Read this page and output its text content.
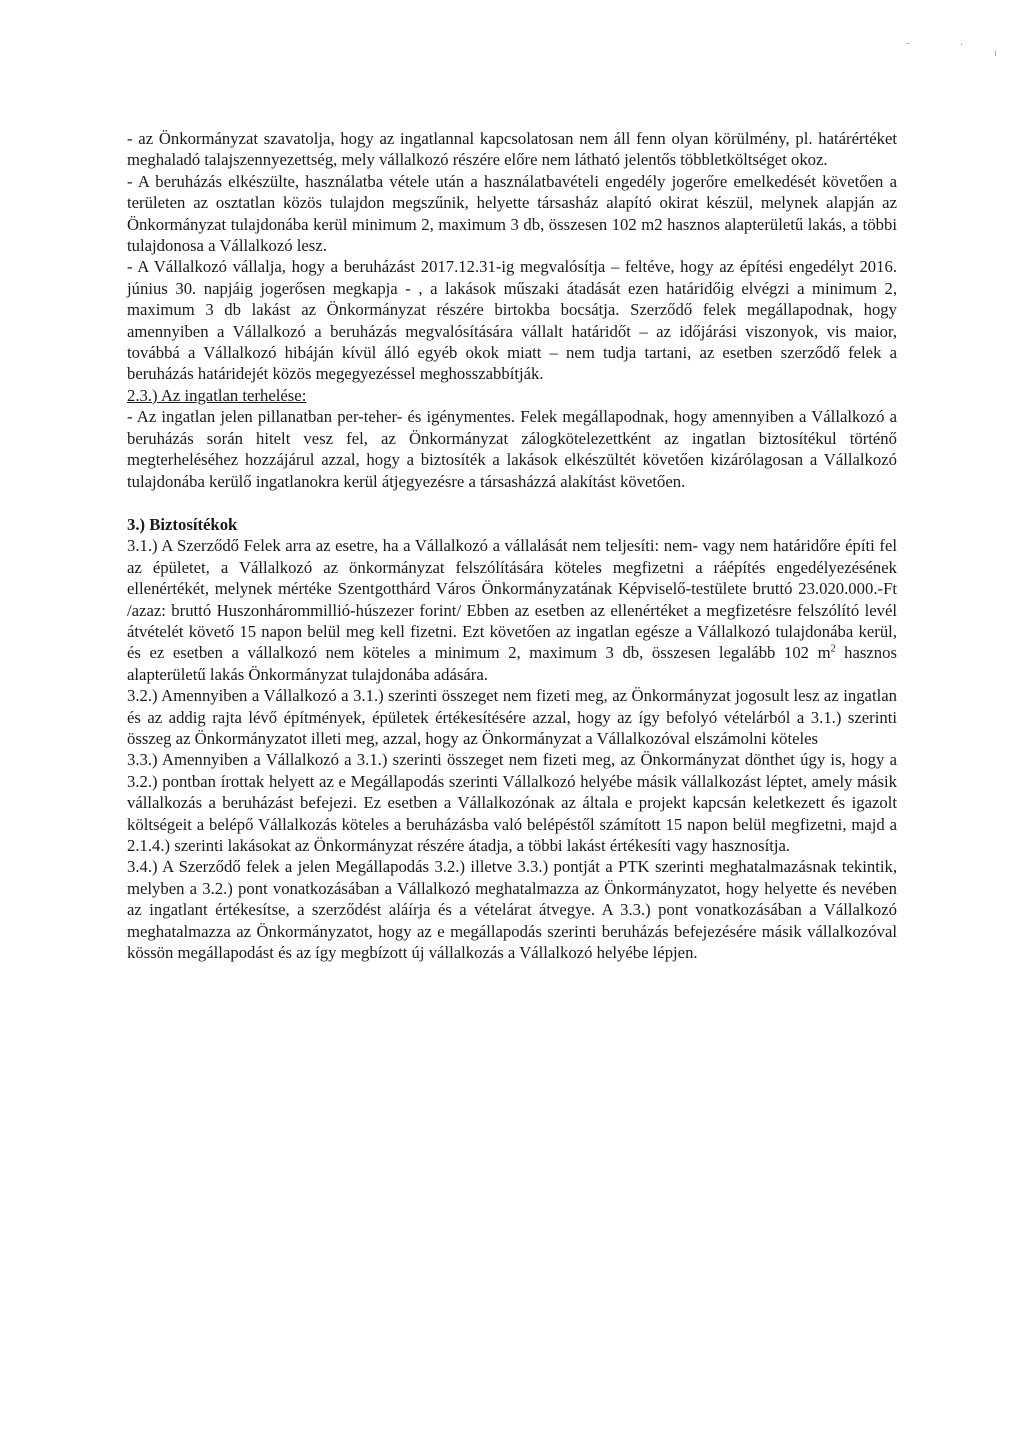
–	·
ı

- az Önkormányzat szavatolja, hogy az ingatlannal kapcsolatosan nem áll fenn olyan körülmény, pl. határértéket meghaladó talajszennyezettség, mely vállalkozó részére előre nem látható jelentős többletköltséget okoz.

- A beruházás elkészülte, használatba vétele után a használatbavételi engedély jogerőre emelkedését követően a területen az osztatlan közös tulajdon megszűnik, helyette társasház alapító okirat készül, melynek alapján az Önkormányzat tulajdonába kerül minimum 2, maximum 3 db, összesen 102 m2 hasznos alapterületű lakás, a többi tulajdonosa a Vállalkozó lesz.

- A Vállalkozó vállalja, hogy a beruházást 2017.12.31-ig megvalósítja – feltéve, hogy az építési engedélyt 2016. június 30. napjáig jogerősen megkapja - , a lakások műszaki átadását ezen határidőig elvégzi a minimum 2, maximum 3 db lakást az Önkormányzat részére birtokba bocsátja. Szerződő felek megállapodnak, hogy amennyiben a Vállalkozó a beruházás megvalósítására vállalt határidőt – az időjárási viszonyok, vis maior, továbbá a Vállalkozó hibáján kívül álló egyéb okok miatt – nem tudja tartani, az esetben szerződő felek a beruházás határidejét közös megegyezéssel meghosszabbítják.

2.3.) Az ingatlan terhelése:

- Az ingatlan jelen pillanatban per-teher- és igénymentes. Felek megállapodnak, hogy amennyiben a Vállalkozó a beruházás során hitelt vesz fel, az Önkormányzat zálogkötelezettként az ingatlan biztosítékul történő megterheléséhez hozzájárul azzal, hogy a biztosíték a lakások elkészültét követően kizárólagosan a Vállalkozó tulajdonába kerülő ingatlanokra kerül átjegyezésre a társasházzá alakítást követően.

3.) Biztosítékok

3.1.) A Szerződő Felek arra az esetre, ha a Vállalkozó a vállalását nem teljesíti: nem- vagy nem határidőre építi fel az épületet, a Vállalkozó az önkormányzat felszólítására köteles megfizetni a ráépítés engedélyezésének ellenértékét, melynek mértéke Szentgotthárd Város Önkormányzatának Képviselő-testülete bruttó 23.020.000.-Ft /azaz: bruttó Huszonhárommillió-húszezer forint/ Ebben az esetben az ellenértéket a megfizetésre felszólító levél átvételét követő 15 napon belül meg kell fizetni. Ezt követően az ingatlan egésze a Vállalkozó tulajdonába kerül, és ez esetben a vállalkozó nem köteles a minimum 2, maximum 3 db, összesen legalább 102 $m^2$ hasznos alapterületű lakás Önkormányzat tulajdonába adására.

3.2.) Amennyiben a Vállalkozó a 3.1.) szerinti összeget nem fizeti meg, az Önkormányzat jogosult lesz az ingatlan és az addig rajta lévő építmények, épületek értékesítésére azzal, hogy az így befolyó vételárból a 3.1.) szerinti összeg az Önkormányzatot illeti meg, azzal, hogy az Önkormányzat a Vállalkozóval elszámolni köteles

3.3.) Amennyiben a Vállalkozó a 3.1.) szerinti összeget nem fizeti meg, az Önkormányzat dönthet úgy is, hogy a 3.2.) pontban írottak helyett az e Megállapodás szerinti Vállalkozó helyébe másik vállalkozást léptet, amely másik vállalkozás a beruházást befejezi. Ez esetben a Vállalkozónak az általa e projekt kapcsán keletkezett és igazolt költségeit a belépő Vállalkozás köteles a beruházásba való belépéstől számított 15 napon belül megfizetni, majd a 2.1.4.) szerinti lakásokat az Önkormányzat részére átadja, a többi lakást értékesíti vagy hasznosítja.

3.4.) A Szerződő felek a jelen Megállapodás 3.2.) illetve 3.3.) pontját a PTK szerinti meghatalmazásnak tekintik, melyben a 3.2.) pont vonatkozásában a Vállalkozó meghatalmazza az Önkormányzatot, hogy helyette és nevében az ingatlant értékesítse, a szerződést aláírja és a vételárat átvegye. A 3.3.) pont vonatkozásában a Vállalkozó meghatalmazza az Önkormányzatot, hogy az e megállapodás szerinti beruházás befejezésére másik vállalkozóval kössön megállapodást és az így megbízott új vállalkozás a Vállalkozó helyébe lépjen.
